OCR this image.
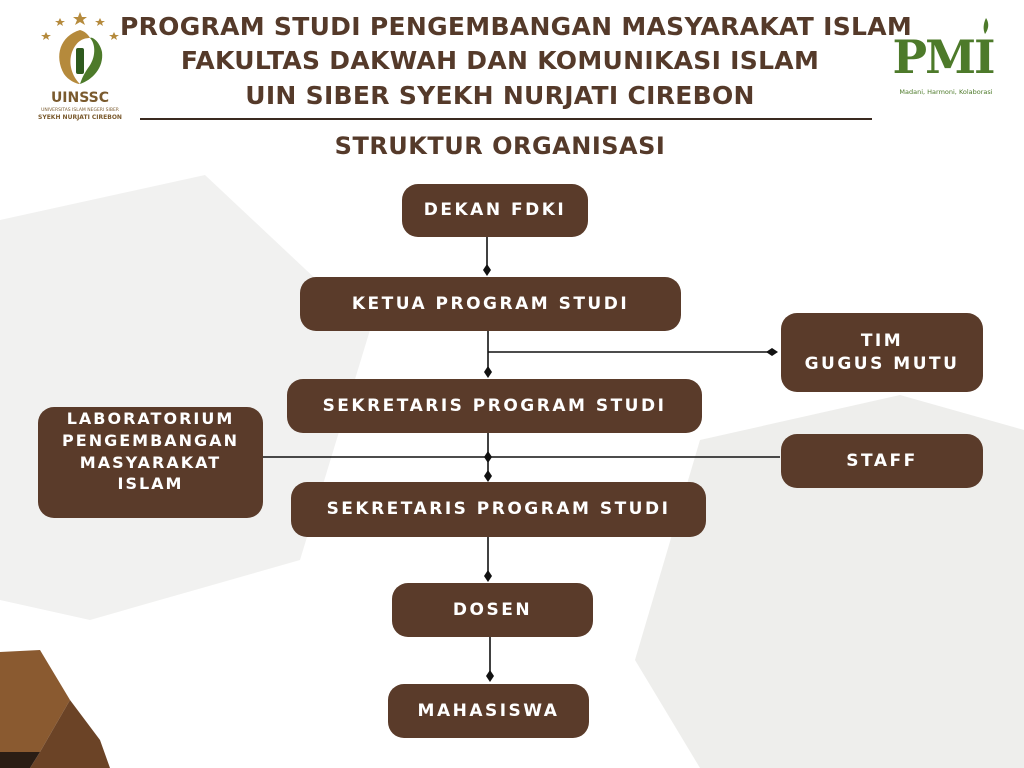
UINSSC
UNIVERSITAS ISLAM NEGERI SIBER
SYEKH NURJATI CIREBON
PROGRAM STUDI PENGEMBANGAN MASYARAKAT ISLAM
FAKULTAS DAKWAH DAN KOMUNIKASI ISLAM
UIN SIBER SYEKH NURJATI CIREBON
PMI
Madani, Harmoni, Kolaborasi
STRUKTUR ORGANISASI
DEKAN FDKI
KETUA PROGRAM STUDI
TIM
GUGUS MUTU
SEKRETARIS PROGRAM STUDI
LABORATORIUM
PENGEMBANGAN
MASYARAKAT
ISLAM
STAFF
SEKRETARIS PROGRAM STUDI
DOSEN
MAHASISWA
